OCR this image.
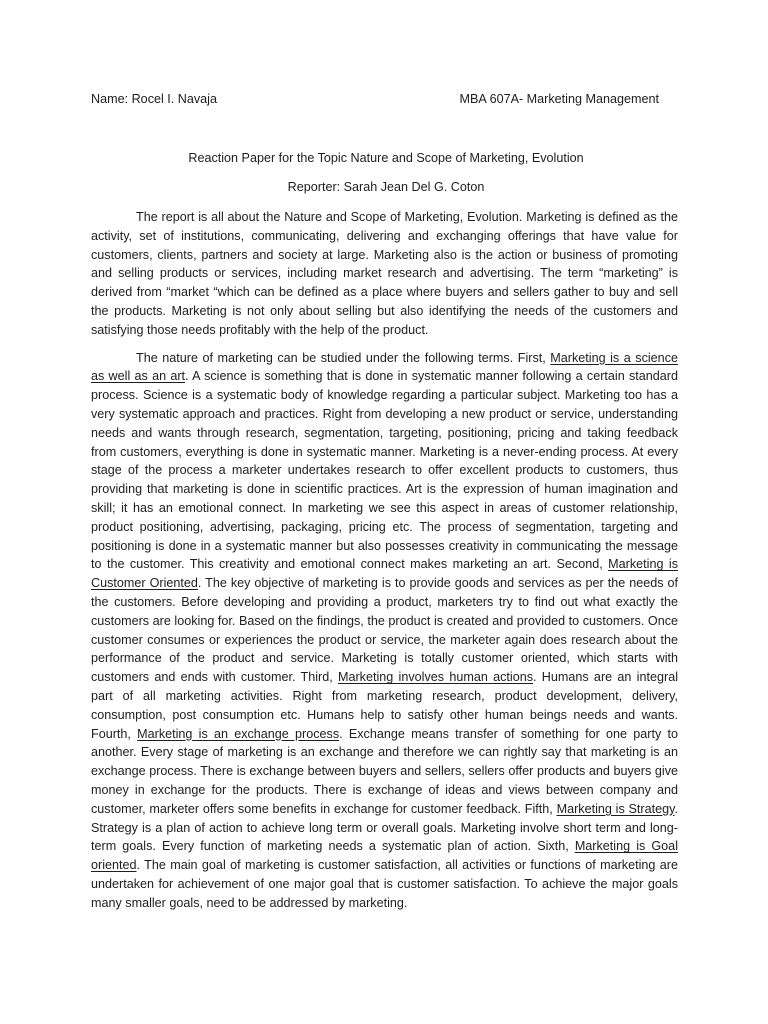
Name: Rocel I. Navaja	MBA 607A- Marketing Management
Reaction Paper for the Topic Nature and Scope of Marketing, Evolution
Reporter: Sarah Jean Del G. Coton

The report is all about the Nature and Scope of Marketing, Evolution. Marketing is defined as the activity, set of institutions, communicating, delivering and exchanging offerings that have value for customers, clients, partners and society at large. Marketing also is the action or business of promoting and selling products or services, including market research and advertising. The term “marketing” is derived from “market “which can be defined as a place where buyers and sellers gather to buy and sell the products. Marketing is not only about selling but also identifying the needs of the customers and satisfying those needs profitably with the help of the product.

The nature of marketing can be studied under the following terms. First, Marketing is a science as well as an art. A science is something that is done in systematic manner following a certain standard process. Science is a systematic body of knowledge regarding a particular subject. Marketing too has a very systematic approach and practices. Right from developing a new product or service, understanding needs and wants through research, segmentation, targeting, positioning, pricing and taking feedback from customers, everything is done in systematic manner. Marketing is a never-ending process. At every stage of the process a marketer undertakes research to offer excellent products to customers, thus providing that marketing is done in scientific practices. Art is the expression of human imagination and skill; it has an emotional connect. In marketing we see this aspect in areas of customer relationship, product positioning, advertising, packaging, pricing etc. The process of segmentation, targeting and positioning is done in a systematic manner but also possesses creativity in communicating the message to the customer. This creativity and emotional connect makes marketing an art. Second, Marketing is Customer Oriented. The key objective of marketing is to provide goods and services as per the needs of the customers. Before developing and providing a product, marketers try to find out what exactly the customers are looking for. Based on the findings, the product is created and provided to customers. Once customer consumes or experiences the product or service, the marketer again does research about the performance of the product and service. Marketing is totally customer oriented, which starts with customers and ends with customer. Third, Marketing involves human actions. Humans are an integral part of all marketing activities. Right from marketing research, product development, delivery, consumption, post consumption etc. Humans help to satisfy other human beings needs and wants. Fourth, Marketing is an exchange process. Exchange means transfer of something for one party to another. Every stage of marketing is an exchange and therefore we can rightly say that marketing is an exchange process. There is exchange between buyers and sellers, sellers offer products and buyers give money in exchange for the products. There is exchange of ideas and views between company and customer, marketer offers some benefits in exchange for customer feedback. Fifth, Marketing is Strategy. Strategy is a plan of action to achieve long term or overall goals. Marketing involve short term and long-term goals. Every function of marketing needs a systematic plan of action. Sixth, Marketing is Goal oriented. The main goal of marketing is customer satisfaction, all activities or functions of marketing are undertaken for achievement of one major goal that is customer satisfaction. To achieve the major goals many smaller goals, need to be addressed by marketing.
